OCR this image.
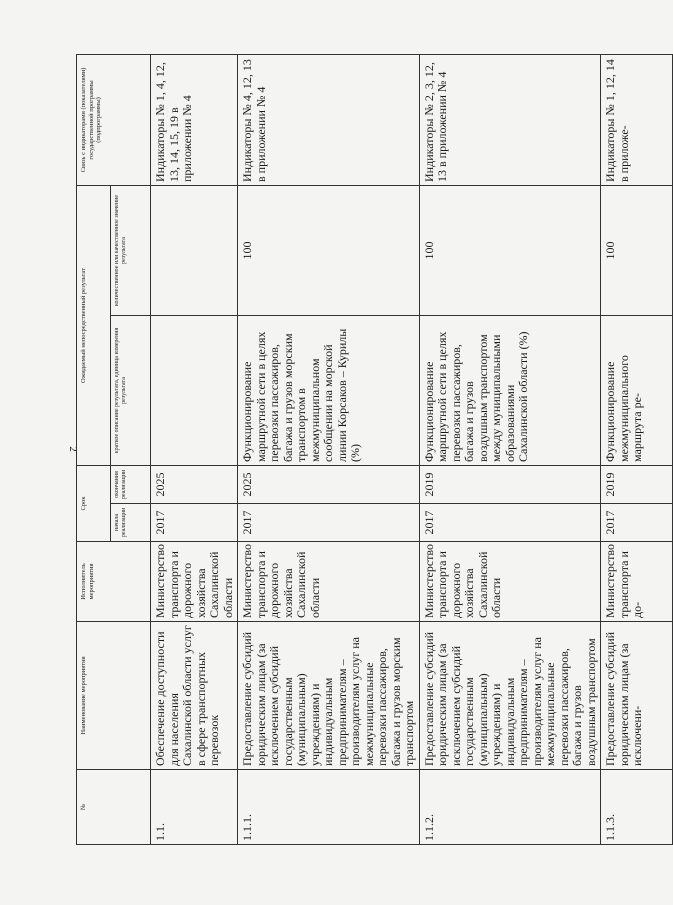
2
№	Наименование мероприятия	Исполнитель мероприятия	Срок		Ожидаемый непосредственный результат		Связь с индикаторами (показателями) государственной программы (подпрограммы)
			начала реализации	окончания реализации	краткое описание результата, единица измерения результата	количественное или качественное значение результата	
1.1.	Обеспечение доступности для населения Сахалинской области услуг в сфере транспортных перевозок	Министерство транспорта и дорожного хозяйства Сахалинской области	2017	2025			Индикаторы № 1, 4, 12, 13, 14, 15, 19 в приложении № 4
1.1.1.	Предоставление субсидий юридическим лицам (за исключением субсидий государственным (муниципальным) учреждениям) и индивидуальным предпринимателям – производителям услуг на межмуниципальные перевозки пассажиров, багажа и грузов морским транспортом	Министерство транспорта и дорожного хозяйства Сахалинской области	2017	2025	Функционирование маршрутной сети в целях перевозки пассажиров, багажа и грузов морским транспортом в межмуниципальном сообщении на морской линии Корсаков – Курилы (%)	100	Индикаторы № 4, 12, 13 в приложении № 4
1.1.2.	Предоставление субсидий юридическим лицам (за исключением субсидий государственным (муниципальным) учреждениям) и индивидуальным предпринимателям – производителям услуг на межмуниципальные перевозки пассажиров, багажа и грузов воздушным транспортом	Министерство транспорта и дорожного хозяйства Сахалинской области	2017	2019	Функционирование маршрутной сети в целях перевозки пассажиров, багажа и грузов воздушным транспортом между муниципальными образованиями Сахалинской области (%)	100	Индикаторы № 2, 3, 12, 13 в приложении № 4
1.1.3.	Предоставление субсидий юридическим лицам (за исключени-	Министерство транспорта и до-	2017	2019	Функционирование межмуниципального маршрута ре-	100	Индикаторы № 1, 12, 14 в приложе-
